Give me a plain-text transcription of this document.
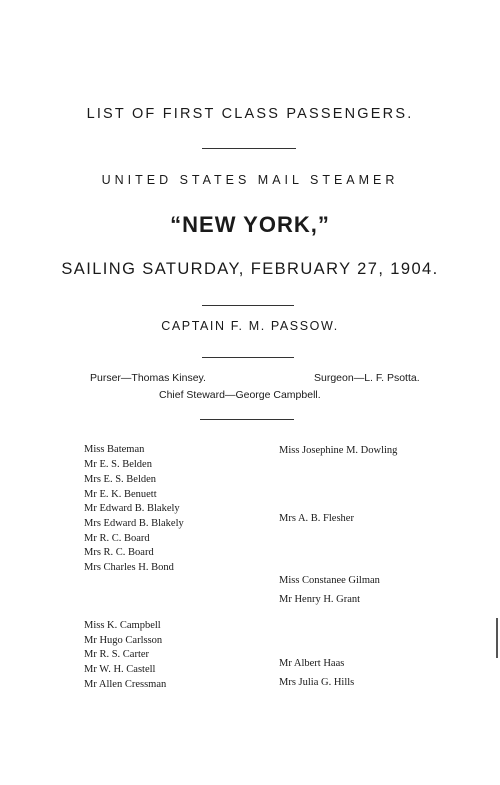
LIST OF FIRST CLASS PASSENGERS.
UNITED STATES MAIL STEAMER
“NEW YORK,”
SAILING SATURDAY, FEBRUARY 27, 1904.
CAPTAIN F. M. PASSOW.
Purser—Thomas Kinsey.	Surgeon—L. F. Psotta.
Chief Steward—George Campbell.
Miss Bateman
Mr E. S. Belden
Mrs E. S. Belden
Mr E. K. Benuett
Mr Edward B. Blakely
Mrs Edward B. Blakely
Mr R. C. Board
Mrs R. C. Board
Mrs Charles H. Bond
Miss K. Campbell
Mr Hugo Carlsson
Mr R. S. Carter
Mr W. H. Castell
Mr Allen Cressman
Miss Josephine M. Dowling
Mrs A. B. Flesher
Miss Constanee Gilman
Mr Henry H. Grant
Mr Albert Haas
Mrs Julia G. Hills
